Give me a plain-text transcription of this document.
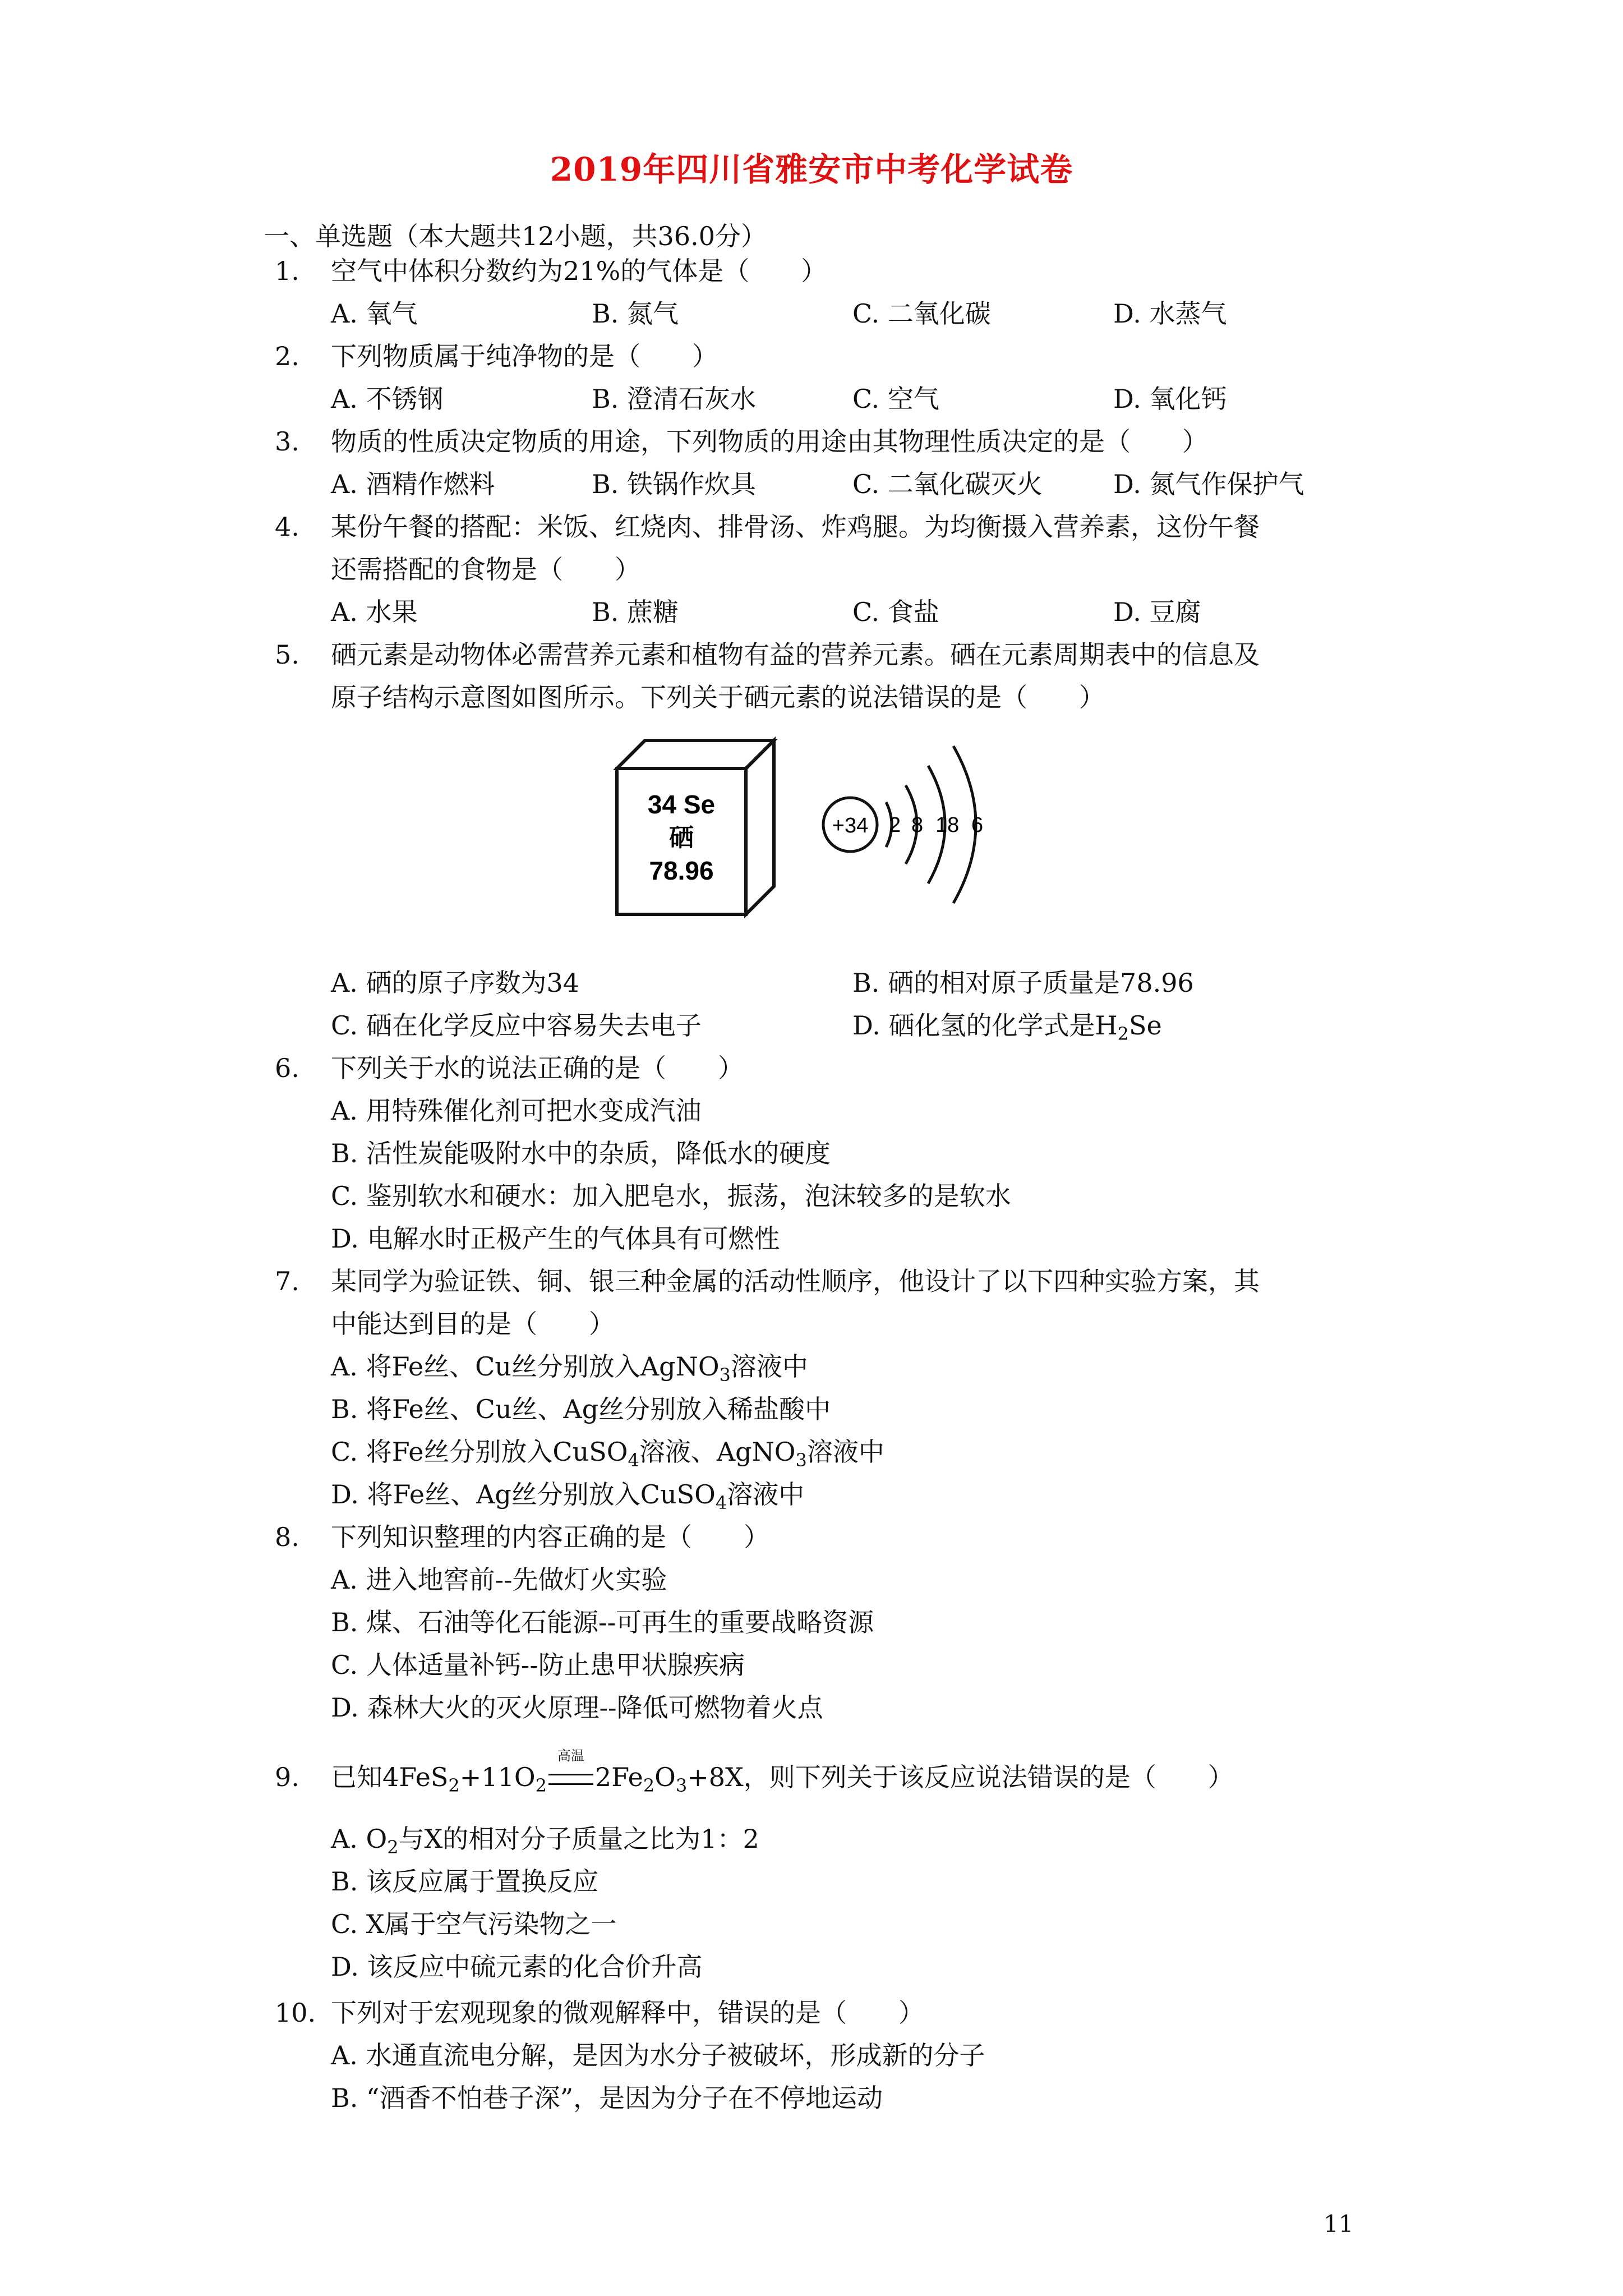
2019年四川省雅安市中考化学试卷
一、单选题（本大题共12小题，共36.0分）
1.	空气中体积分数约为21%的气体是（　　）
A. 氧气	B. 氮气	C. 二氧化碳	D. 水蒸气
2.	下列物质属于纯净物的是（　　）
A. 不锈钢	B. 澄清石灰水	C. 空气	D. 氧化钙
3.	物质的性质决定物质的用途，下列物质的用途由其物理性质决定的是（　　）
A. 酒精作燃料	B. 铁锅作炊具	C. 二氧化碳灭火	D. 氮气作保护气
4.	某份午餐的搭配：米饭、红烧肉、排骨汤、炸鸡腿。为均衡摄入营养素，这份午餐
还需搭配的食物是（　　）
A. 水果	B. 蔗糖	C. 食盐	D. 豆腐
5.	硒元素是动物体必需营养元素和植物有益的营养元素。硒在元素周期表中的信息及
原子结构示意图如图所示。下列关于硒元素的说法错误的是（　　）
34 Se
硒
78.96
+34 2 8 18 6
A. 硒的原子序数为34	B. 硒的相对原子质量是78.96
C. 硒在化学反应中容易失去电子	D. 硒化氢的化学式是$H_2Se$
6.	下列关于水的说法正确的是（　　）
A. 用特殊催化剂可把水变成汽油
B. 活性炭能吸附水中的杂质，降低水的硬度
C. 鉴别软水和硬水：加入肥皂水，振荡，泡沫较多的是软水
D. 电解水时正极产生的气体具有可燃性
7.	某同学为验证铁、铜、银三种金属的活动性顺序，他设计了以下四种实验方案，其
中能达到目的是（　　）
A. 将Fe丝、Cu丝分别放入AgNO$_3$溶液中
B. 将Fe丝、Cu丝、Ag丝分别放入稀盐酸中
C. 将Fe丝分别放入CuSO$_4$溶液、AgNO$_3$溶液中
D. 将Fe丝、Ag丝分别放入CuSO$_4$溶液中
8.	下列知识整理的内容正确的是（　　）
A. 进入地窖前--先做灯火实验
B. 煤、石油等化石能源--可再生的重要战略资源
C. 人体适量补钙--防止患甲状腺疾病
D. 森林大火的灭火原理--降低可燃物着火点
9.	已知$4FeS_2+11O_2$
高温
$2Fe_2O_3+8X$，则下列关于该反应说法错误的是（　　）
A. $O_2$与X的相对分子质量之比为1：2
B. 该反应属于置换反应
C. X属于空气污染物之一
D. 该反应中硫元素的化合价升高
10. 下列对于宏观现象的微观解释中，错误的是（　　）
A. 水通直流电分解，是因为水分子被破坏，形成新的分子
B. “酒香不怕巷子深”，是因为分子在不停地运动
11
